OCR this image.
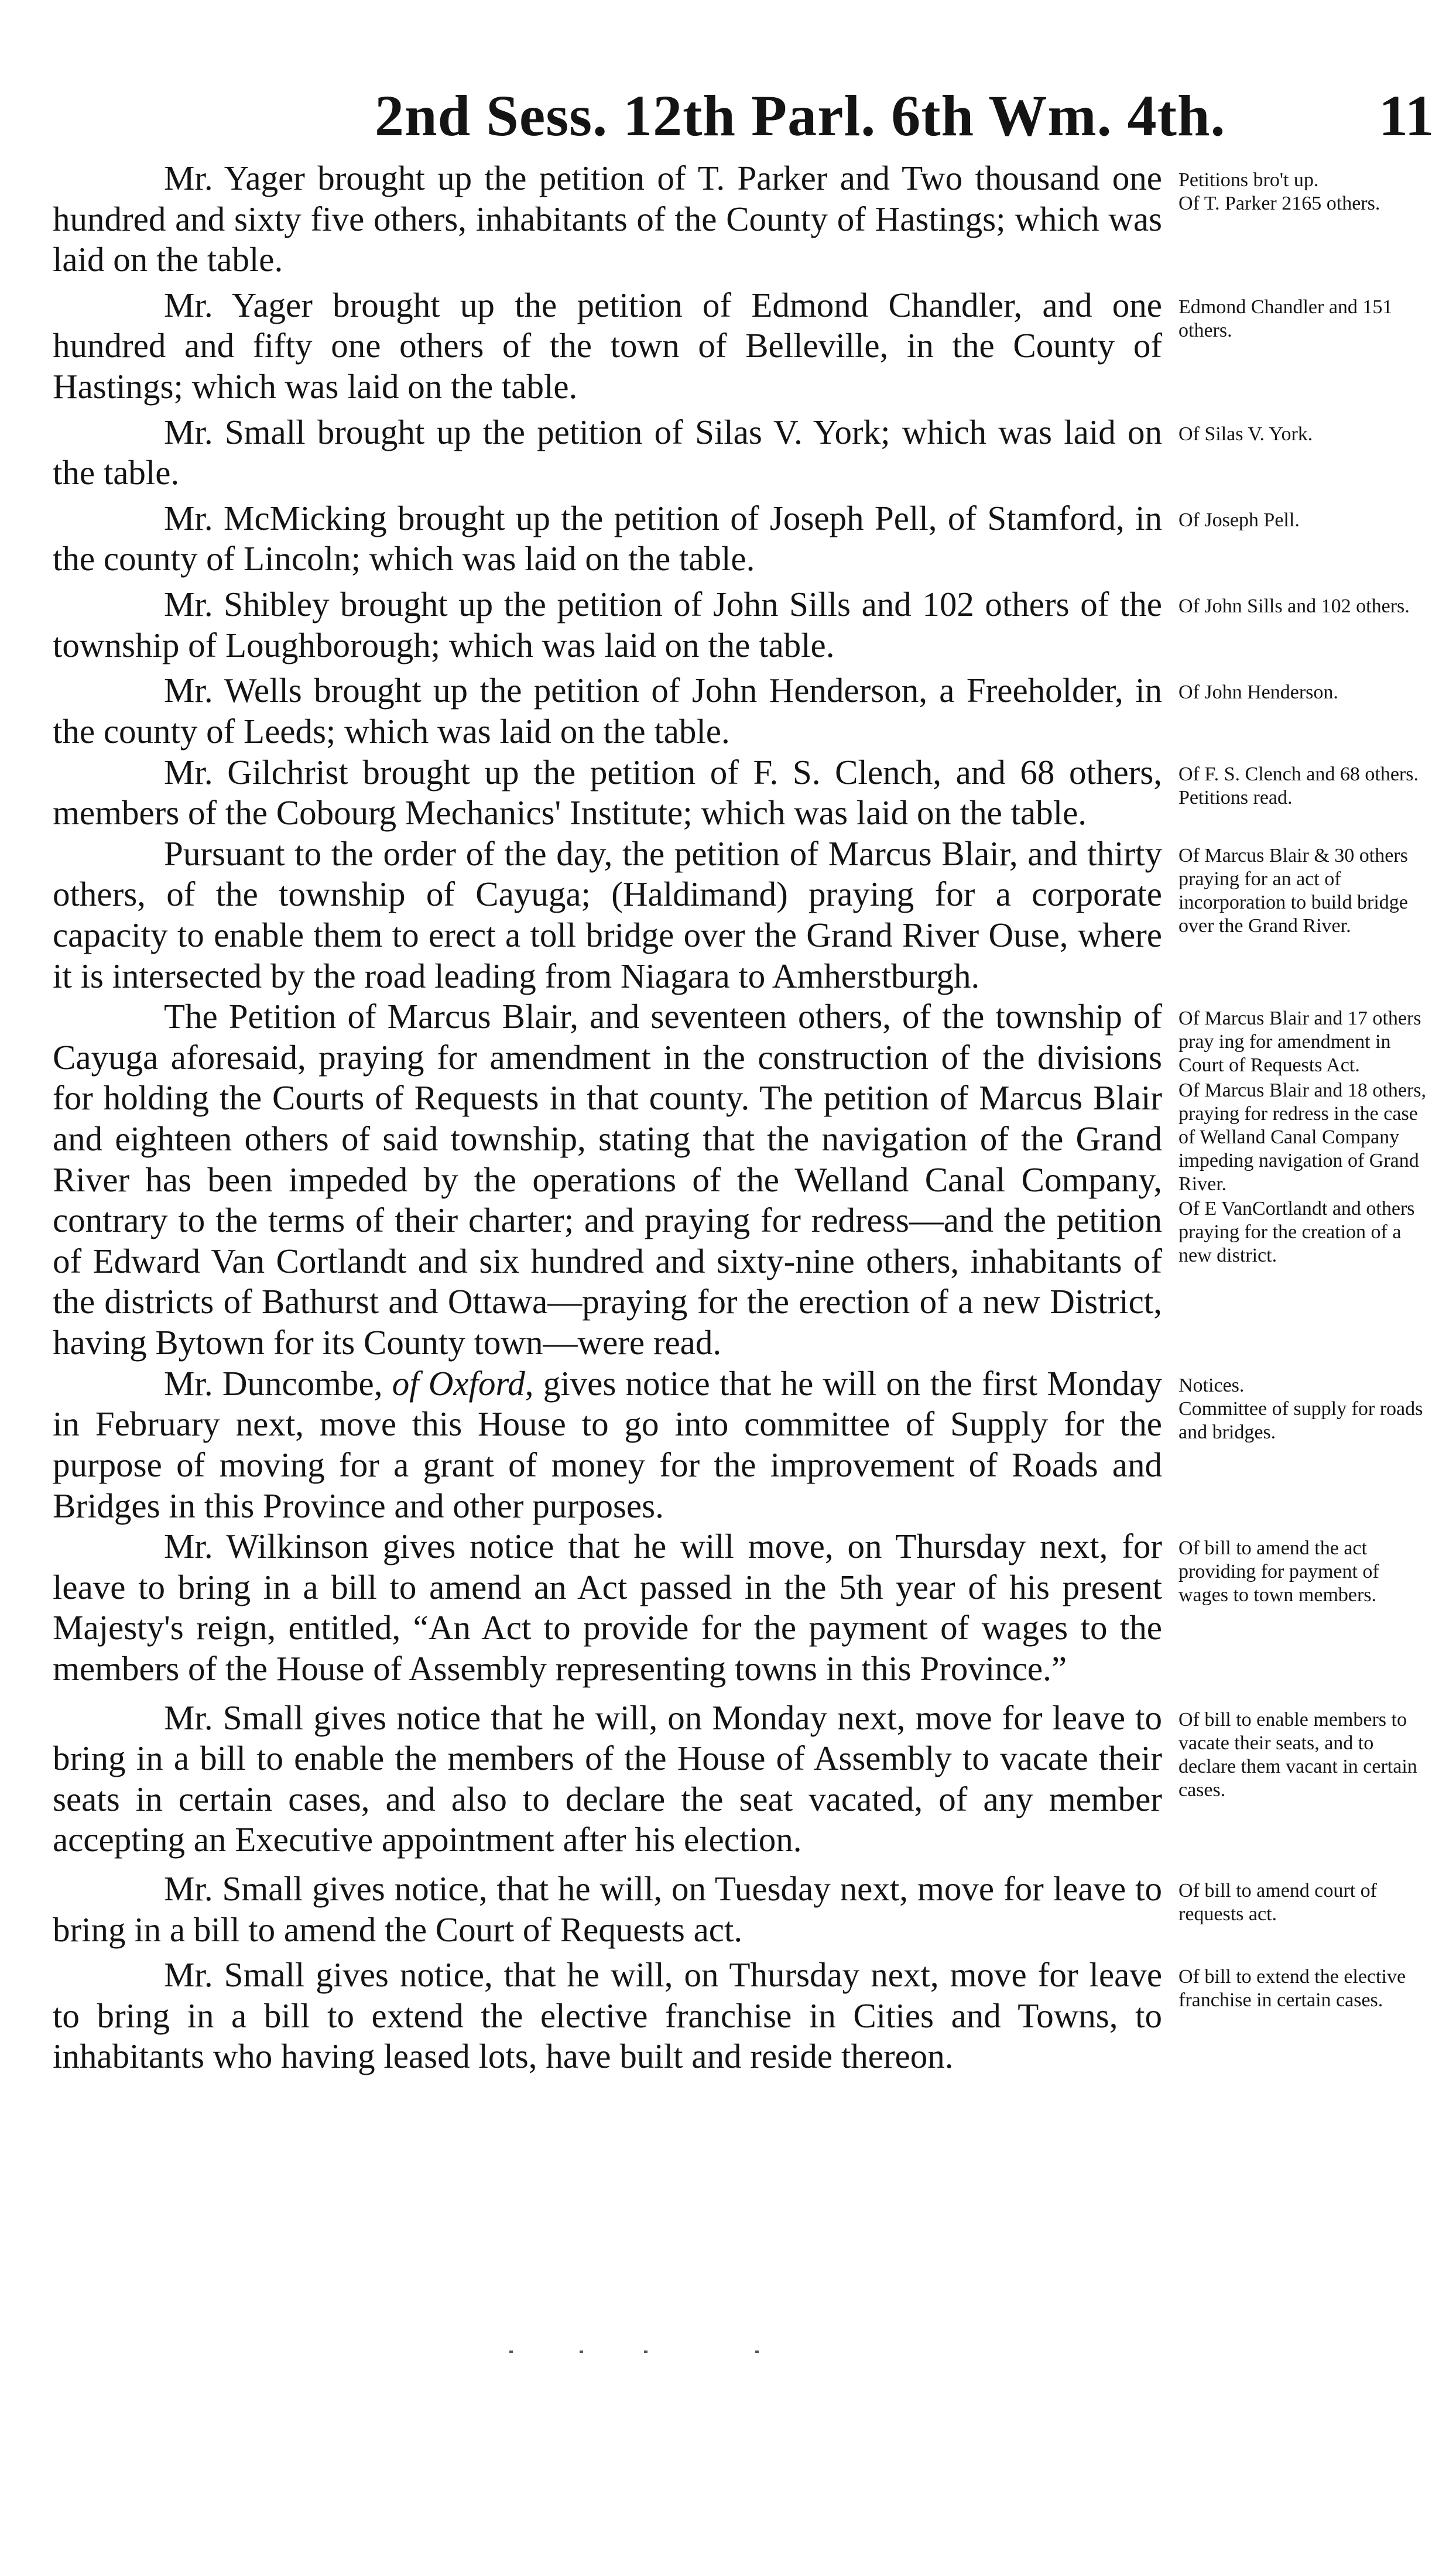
2nd Sess. 12th Parl. 6th Wm. 4th.	11

Mr. Yager brought up the petition of T. Parker and Two thousand one hundred and sixty five others, inhabitants of the County of Hastings; which was laid on the table.

Petitions bro't up.
Of T. Parker 2165 others.

Mr. Yager brought up the petition of Edmond Chandler, and one hundred and fifty one others of the town of Belleville, in the County of Hastings; which was laid on the table.

Edmond Chandler and 151 others.

Mr. Small brought up the petition of Silas V. York; which was laid on the table.

Of Silas V. York.

Mr. McMicking brought up the petition of Joseph Pell, of Stamford, in the county of Lincoln; which was laid on the table.

Of Joseph Pell.

Mr. Shibley brought up the petition of John Sills and 102 others of the township of Loughborough; which was laid on the table.

Of John Sills and 102 others.

Mr. Wells brought up the petition of John Henderson, a Freeholder, in the county of Leeds; which was laid on the table.

Of John Henderson.

Mr. Gilchrist brought up the petition of F. S. Clench, and 68 others, members of the Cobourg Mechanics' Institute; which was laid on the table.

Of F. S. Clench and 68 others.
Petitions read.

Pursuant to the order of the day, the petition of Marcus Blair, and thirty others, of the township of Cayuga; (Haldimand) praying for a corporate capacity to enable them to erect a toll bridge over the Grand River Ouse, where it is intersected by the road leading from Niagara to Amherstburgh.

Of Marcus Blair & 30 others praying for an act of incorporation to build bridge over the Grand River.

The Petition of Marcus Blair, and seventeen others, of the township of Cayuga aforesaid, praying for amendment in the construction of the divisions for holding the Courts of Requests in that county. The petition of Marcus Blair and eighteen others of said township, stating that the navigation of the Grand River has been impeded by the operations of the Welland Canal Company, contrary to the terms of their charter; and praying for redress—and the petition of Edward Van Cortlandt and six hundred and sixty-nine others, inhabitants of the districts of Bathurst and Ottawa—praying for the erection of a new District, having Bytown for its County town—were read.

Of Marcus Blair and 17 others pray ing for amendment in Court of Requests Act.
Of Marcus Blair and 18 others, praying for redress in the case of Welland Canal Company impeding navigation of Grand River.
Of E VanCortlandt and others praying for the creation of a new district.

Mr. Duncombe, of Oxford, gives notice that he will on the first Monday in February next, move this House to go into committee of Supply for the purpose of moving for a grant of money for the improvement of Roads and Bridges in this Province and other purposes.

Notices.
Committee of supply for roads and bridges.

Mr. Wilkinson gives notice that he will move, on Thursday next, for leave to bring in a bill to amend an Act passed in the 5th year of his present Majesty's reign, entitled, “An Act to provide for the payment of wages to the members of the House of Assembly representing towns in this Province.”

Of bill to amend the act providing for payment of wages to town members.

Mr. Small gives notice that he will, on Monday next, move for leave to bring in a bill to enable the members of the House of Assembly to vacate their seats in certain cases, and also to declare the seat vacated, of any member accepting an Executive appointment after his election.

Of bill to enable members to vacate their seats, and to declare them vacant in certain cases.

Mr. Small gives notice, that he will, on Tuesday next, move for leave to bring in a bill to amend the Court of Requests act.

Of bill to amend court of requests act.

Mr. Small gives notice, that he will, on Thursday next, move for leave to bring in a bill to extend the elective franchise in Cities and Towns, to inhabitants who having leased lots, have built and reside thereon.

Of bill to extend the elective franchise in certain cases.
